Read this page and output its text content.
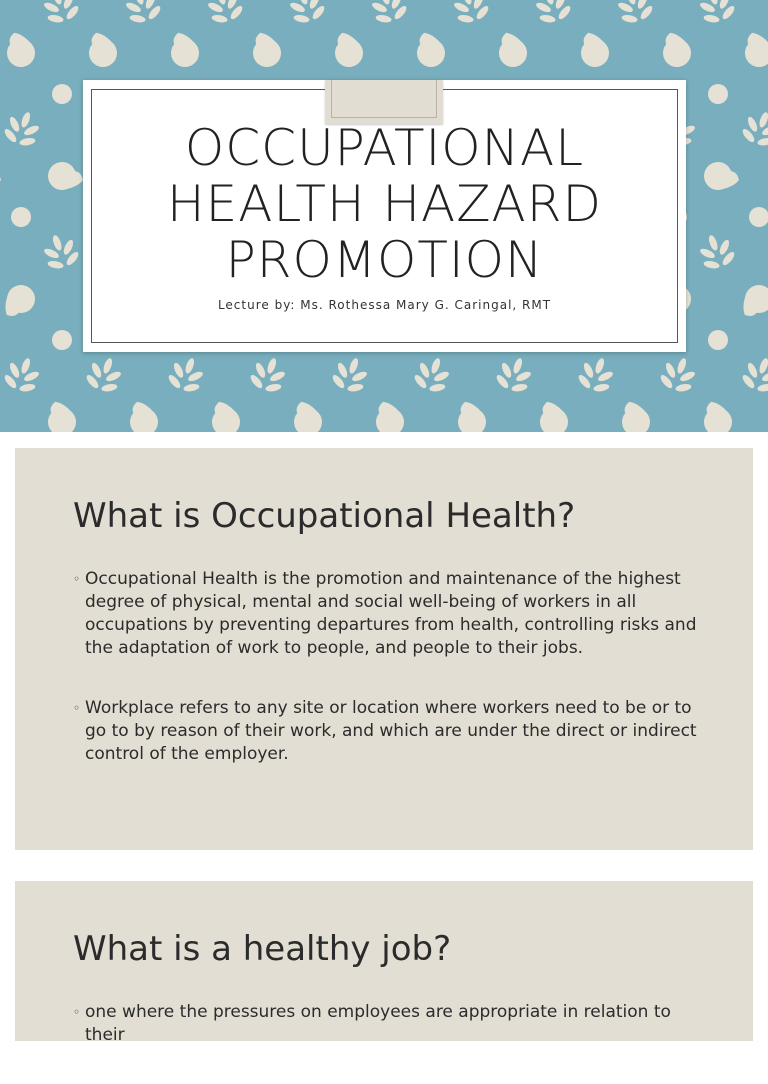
OCCUPATIONAL
HEALTH HAZARD
PROMOTION
Lecture by: Ms. Rothessa Mary G. Caringal, RMT
What is Occupational Health?
◦ Occupational Health is the promotion and maintenance of the highest degree of physical, mental and social well-being of workers in all occupations by preventing departures from health, controlling risks and the adaptation of work to people, and people to their jobs.
◦ Workplace refers to any site or location where workers need to be or to go to by reason of their work, and which are under the direct or indirect control of the employer.
What is a healthy job?
◦ one where the pressures on employees are appropriate in relation to their
